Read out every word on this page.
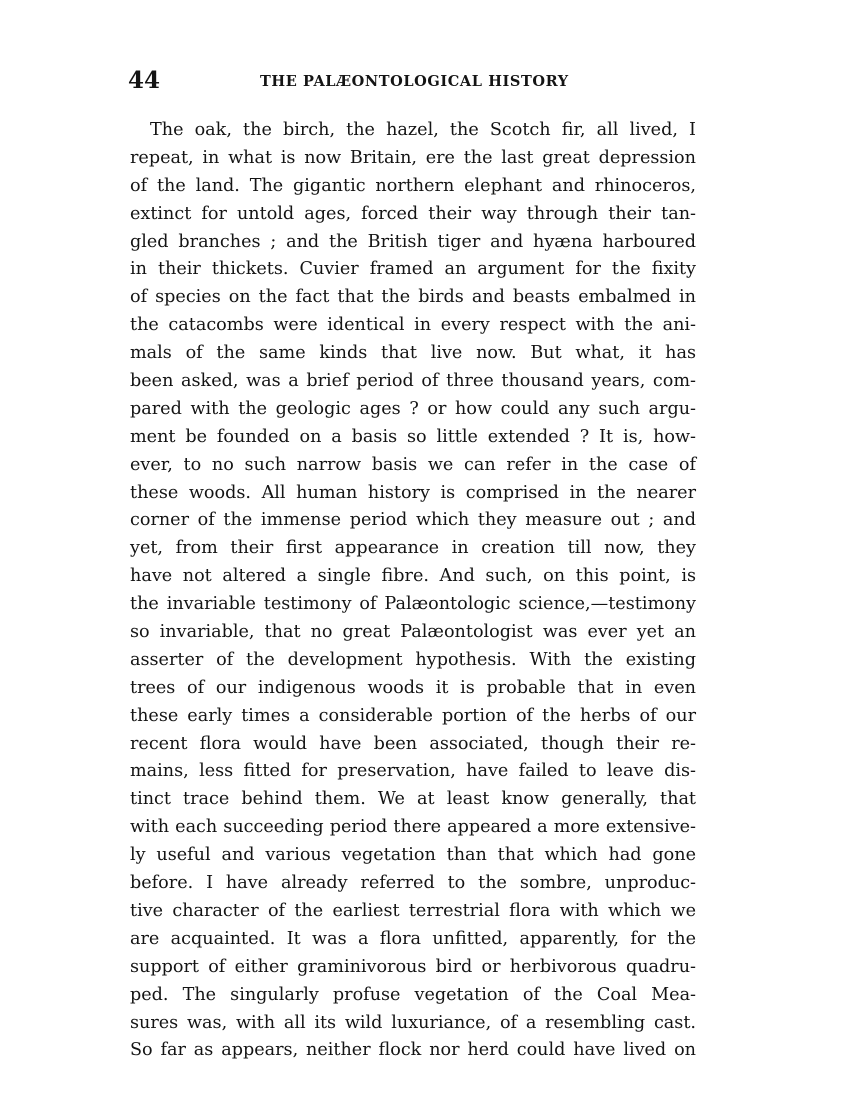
44	THE PALÆONTOLOGICAL HISTORY
The oak, the birch, the hazel, the Scotch fir, all lived, I
repeat, in what is now Britain, ere the last great depression
of the land. The gigantic northern elephant and rhinoceros,
extinct for untold ages, forced their way through their tan-
gled branches ; and the British tiger and hyæna harboured
in their thickets. Cuvier framed an argument for the fixity
of species on the fact that the birds and beasts embalmed in
the catacombs were identical in every respect with the ani-
mals of the same kinds that live now. But what, it has
been asked, was a brief period of three thousand years, com-
pared with the geologic ages ? or how could any such argu-
ment be founded on a basis so little extended ? It is, how-
ever, to no such narrow basis we can refer in the case of
these woods. All human history is comprised in the nearer
corner of the immense period which they measure out ; and
yet, from their first appearance in creation till now, they
have not altered a single fibre. And such, on this point, is
the invariable testimony of Palæontologic science,—testimony
so invariable, that no great Palæontologist was ever yet an
asserter of the development hypothesis. With the existing
trees of our indigenous woods it is probable that in even
these early times a considerable portion of the herbs of our
recent flora would have been associated, though their re-
mains, less fitted for preservation, have failed to leave dis-
tinct trace behind them. We at least know generally, that
with each succeeding period there appeared a more extensive-
ly useful and various vegetation than that which had gone
before. I have already referred to the sombre, unproduc-
tive character of the earliest terrestrial flora with which we
are acquainted. It was a flora unfitted, apparently, for the
support of either graminivorous bird or herbivorous quadru-
ped. The singularly profuse vegetation of the Coal Mea-
sures was, with all its wild luxuriance, of a resembling cast.
So far as appears, neither flock nor herd could have lived on
